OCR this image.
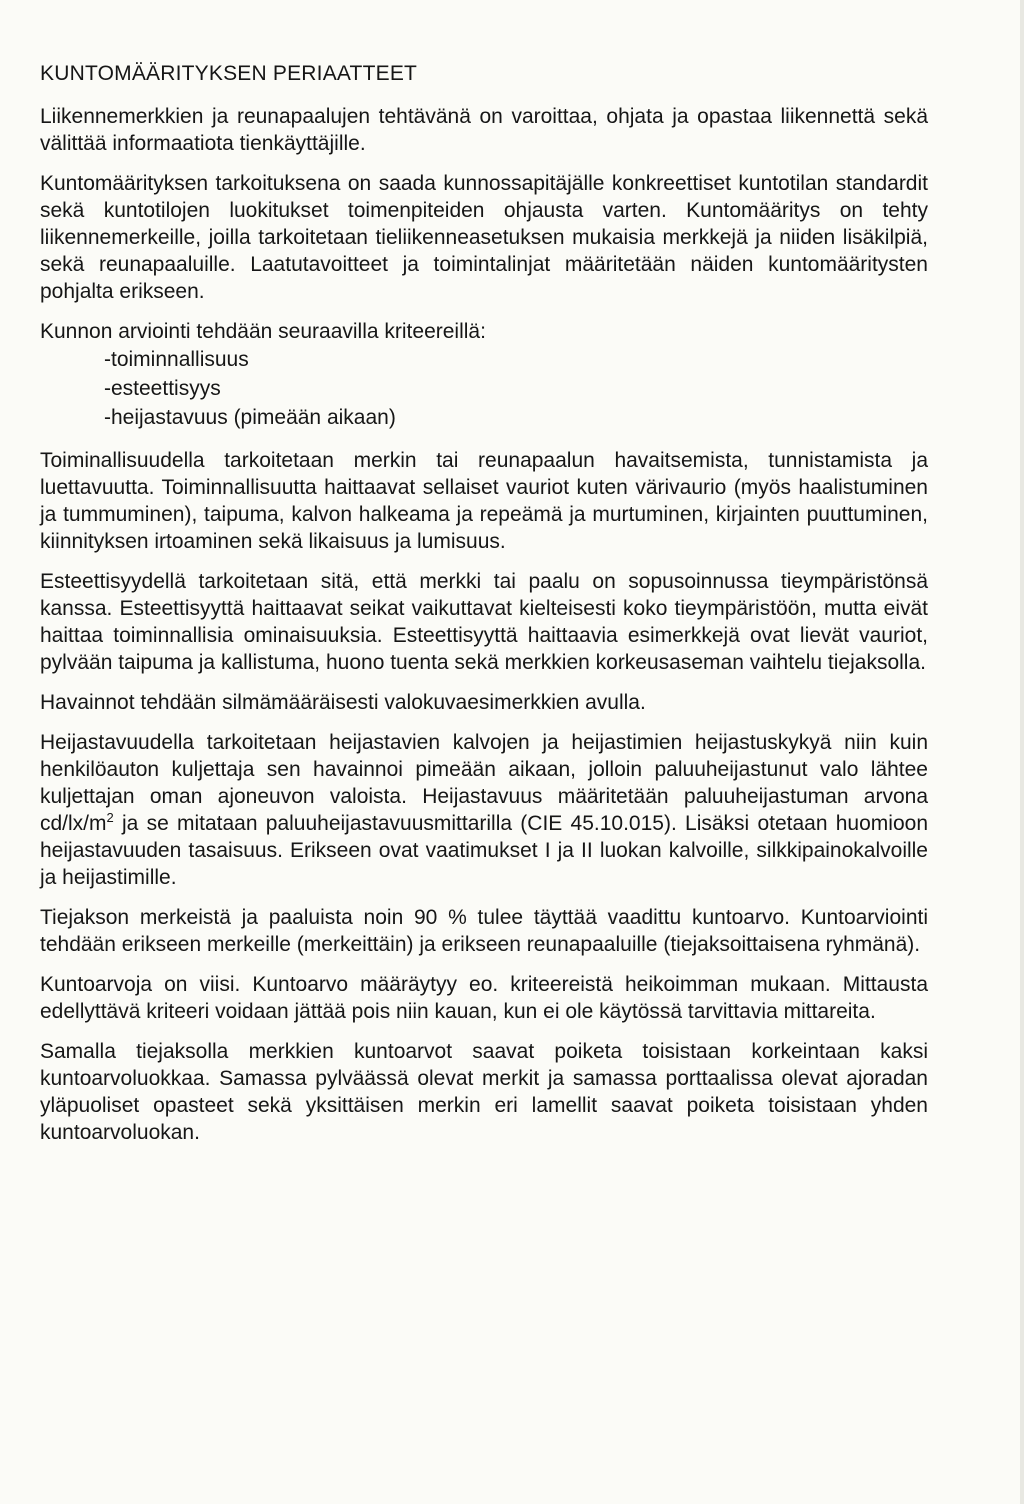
KUNTOMÄÄRITYKSEN PERIAATTEET

Liikennemerkkien ja reunapaalujen tehtävänä on varoittaa, ohjata ja opastaa liikennettä sekä välittää informaatiota tienkäyttäjille.

Kuntomäärityksen tarkoituksena on saada kunnossapitäjälle konkreettiset kuntotilan standardit sekä kuntotilojen luokitukset toimenpiteiden ohjausta varten. Kuntomääritys on tehty liikennemerkeille, joilla tarkoitetaan tieliikenneasetuksen mukaisia merkkejä ja niiden lisäkilpiä, sekä reunapaaluille. Laatutavoitteet ja toimintalinjat määritetään näiden kuntomääritysten pohjalta erikseen.

Kunnon arviointi tehdään seuraavilla kriteereillä:

-toiminnallisuus
-esteettisyys
-heijastavuus (pimeään aikaan)

Toiminallisuudella tarkoitetaan merkin tai reunapaalun havaitsemista, tunnistamista ja luettavuutta. Toiminnallisuutta haittaavat sellaiset vauriot kuten värivaurio (myös haalistuminen ja tummuminen), taipuma, kalvon halkeama ja repeämä ja murtuminen, kirjainten puuttuminen, kiinnityksen irtoaminen sekä likaisuus ja lumisuus.

Esteettisyydellä tarkoitetaan sitä, että merkki tai paalu on sopusoinnussa tieympäristönsä kanssa. Esteettisyyttä haittaavat seikat vaikuttavat kielteisesti koko tieympäristöön, mutta eivät haittaa toiminnallisia ominaisuuksia. Esteettisyyttä haittaavia esimerkkejä ovat lievät vauriot, pylvään taipuma ja kallistuma, huono tuenta sekä merkkien korkeusaseman vaihtelu tiejaksolla.

Havainnot tehdään silmämääräisesti valokuvaesimerkkien avulla.

Heijastavuudella tarkoitetaan heijastavien kalvojen ja heijastimien heijastuskykyä niin kuin henkilöauton kuljettaja sen havainnoi pimeään aikaan, jolloin paluuheijastunut valo lähtee kuljettajan oman ajoneuvon valoista. Heijastavuus määritetään paluuheijastuman arvona $cd/lx/m^2$ ja se mitataan paluuheijastavuusmittarilla (CIE 45.10.015). Lisäksi otetaan huomioon heijastavuuden tasaisuus. Erikseen ovat vaatimukset I ja II luokan kalvoille, silkkipainokalvoille ja heijastimille.

Tiejakson merkeistä ja paaluista noin 90 % tulee täyttää vaadittu kuntoarvo. Kuntoarviointi tehdään erikseen merkeille (merkeittäin) ja erikseen reunapaaluille (tiejaksoittaisena ryhmänä).

Kuntoarvoja on viisi. Kuntoarvo määräytyy eo. kriteereistä heikoimman mukaan. Mittausta edellyttävä kriteeri voidaan jättää pois niin kauan, kun ei ole käytössä tarvittavia mittareita.

Samalla tiejaksolla merkkien kuntoarvot saavat poiketa toisistaan korkeintaan kaksi kuntoarvoluokkaa. Samassa pylväässä olevat merkit ja samassa porttaalissa olevat ajoradan yläpuoliset opasteet sekä yksittäisen merkin eri lamellit saavat poiketa toisistaan yhden kuntoarvoluokan.
